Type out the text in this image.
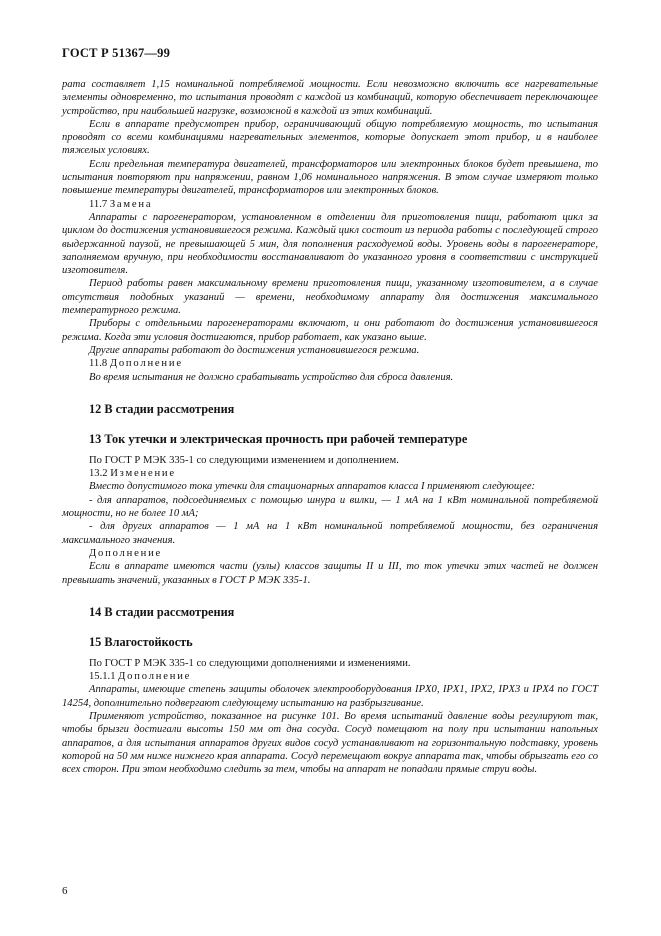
ГОСТ Р 51367—99

рата составляет 1,15 номинальной потребляемой мощности. Если невозможно включить все нагревательные элементы одновременно, то испытания проводят с каждой из комбинаций, которую обеспечивает переключающее устройство, при наибольшей нагрузке, возможной в каждой из этих комбинаций.

Если в аппарате предусмотрен прибор, ограничивающий общую потребляемую мощность, то испытания проводят со всеми комбинациями нагревательных элементов, которые допускает этот прибор, и в наиболее тяжелых условиях.

Если предельная температура двигателей, трансформаторов или электронных блоков будет превышена, то испытания повторяют при напряжении, равном 1,06 номинального напряжения. В этом случае измеряют только повышение температуры двигателей, трансформаторов или электронных блоков.

11.7 Замена

Аппараты с парогенератором, установленном в отделении для приготовления пищи, работают цикл за циклом до достижения установившегося режима. Каждый цикл состоит из периода работы с последующей строго выдержанной паузой, не превышающей 5 мин, для пополнения расходуемой воды. Уровень воды в парогенераторе, заполняемом вручную, при необходимости восстанавливают до указанного уровня в соответствии с инструкцией изготовителя.

Период работы равен максимальному времени приготовления пищи, указанному изготовителем, а в случае отсутствия подобных указаний — времени, необходимому аппарату для достижения максимального температурного режима.

Приборы с отдельными парогенераторами включают, и они работают до достижения установившегося режима. Когда эти условия достигаются, прибор работает, как указано выше.

Другие аппараты работают до достижения установившегося режима.

11.8 Дополнение

Во время испытания не должно срабатывать устройство для сброса давления.

12 В стадии рассмотрения

13 Ток утечки и электрическая прочность при рабочей температуре

По ГОСТ Р МЭК 335-1 со следующими изменением и дополнением.

13.2 Изменение

Вместо допустимого тока утечки для стационарных аппаратов класса I применяют следующее:

- для аппаратов, подсоединяемых с помощью шнура и вилки, — 1 мА на 1 кВт номинальной потребляемой мощности, но не более 10 мА;

- для других аппаратов — 1 мА на 1 кВт номинальной потребляемой мощности, без ограничения максимального значения.

Дополнение

Если в аппарате имеются части (узлы) классов защиты II и III, то ток утечки этих частей не должен превышать значений, указанных в ГОСТ Р МЭК 335-1.

14 В стадии рассмотрения

15 Влагостойкость

По ГОСТ Р МЭК 335-1 со следующими дополнениями и изменениями.

15.1.1 Дополнение

Аппараты, имеющие степень защиты оболочек электрооборудования IPX0, IPX1, IPX2, IPX3 и IPX4 по ГОСТ 14254, дополнительно подвергают следующему испытанию на разбрызгивание.

Применяют устройство, показанное на рисунке 101. Во время испытаний давление воды регулируют так, чтобы брызги достигали высоты 150 мм от дна сосуда. Сосуд помещают на полу при испытании напольных аппаратов, а для испытания аппаратов других видов сосуд устанавливают на горизонтальную подставку, уровень которой на 50 мм ниже нижнего края аппарата. Сосуд перемещают вокруг аппарата так, чтобы обрызгать его со всех сторон. При этом необходимо следить за тем, чтобы на аппарат не попадали прямые струи воды.

6
